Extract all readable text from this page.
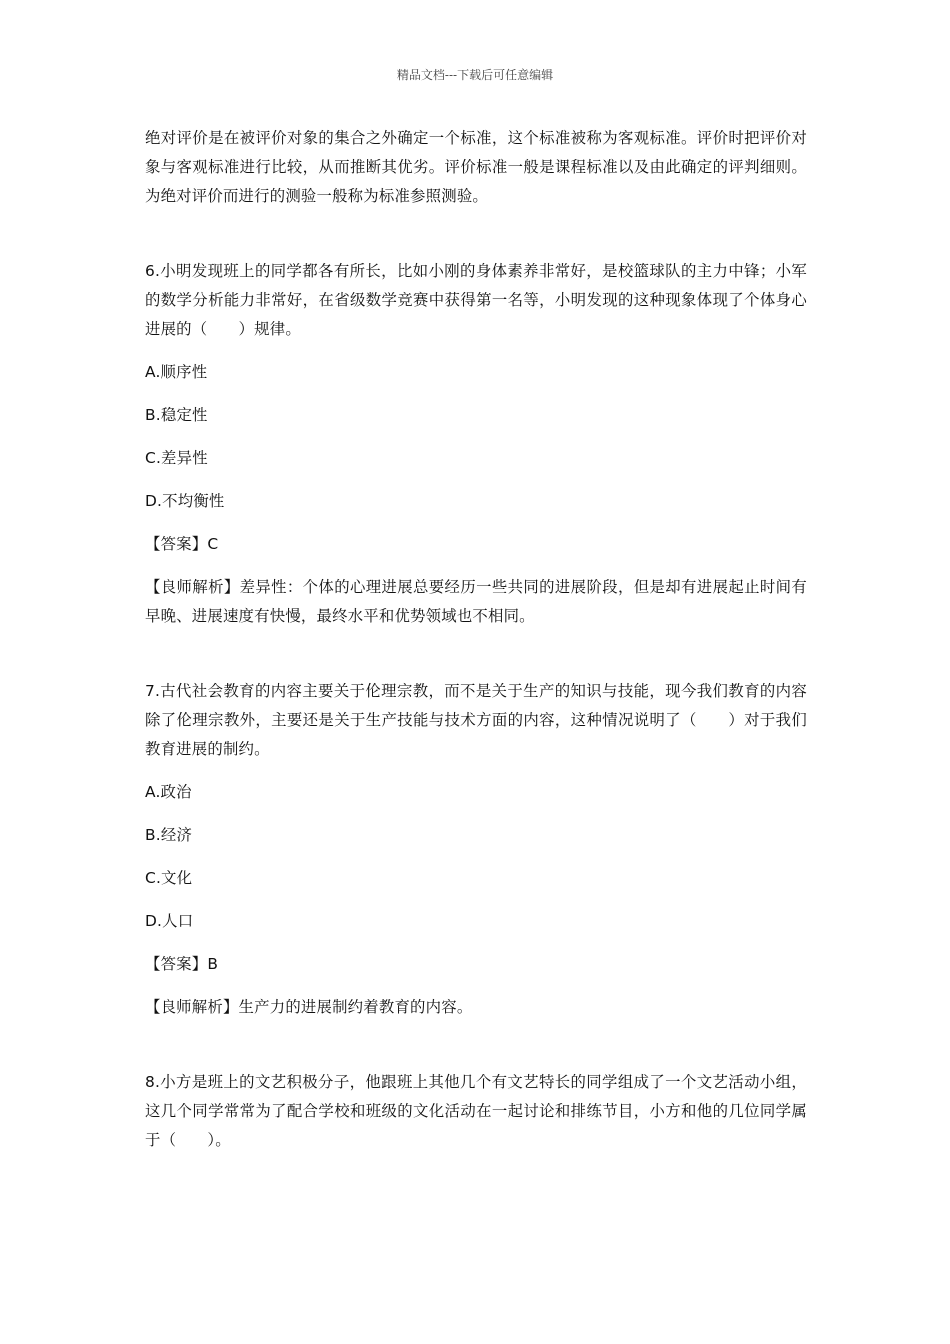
精品文档---下载后可任意编辑

绝对评价是在被评价对象的集合之外确定一个标准，这个标准被称为客观标准。评价时把评价对象与客观标准进行比较，从而推断其优劣。评价标准一般是课程标准以及由此确定的评判细则。为绝对评价而进行的测验一般称为标准参照测验。

6.小明发现班上的同学都各有所长，比如小刚的身体素养非常好，是校篮球队的主力中锋；小军的数学分析能力非常好，在省级数学竞赛中获得第一名等，小明发现的这种现象体现了个体身心进展的（　　）规律。

A.顺序性

B.稳定性

C.差异性

D.不均衡性

【答案】C

【良师解析】差异性：个体的心理进展总要经历一些共同的进展阶段，但是却有进展起止时间有早晚、进展速度有快慢，最终水平和优势领域也不相同。

7.古代社会教育的内容主要关于伦理宗教，而不是关于生产的知识与技能，现今我们教育的内容除了伦理宗教外，主要还是关于生产技能与技术方面的内容，这种情况说明了（　　）对于我们教育进展的制约。

A.政治

B.经济

C.文化

D.人口

【答案】B

【良师解析】生产力的进展制约着教育的内容。

8.小方是班上的文艺积极分子，他跟班上其他几个有文艺特长的同学组成了一个文艺活动小组，这几个同学常常为了配合学校和班级的文化活动在一起讨论和排练节目，小方和他的几位同学属于（　　）。
